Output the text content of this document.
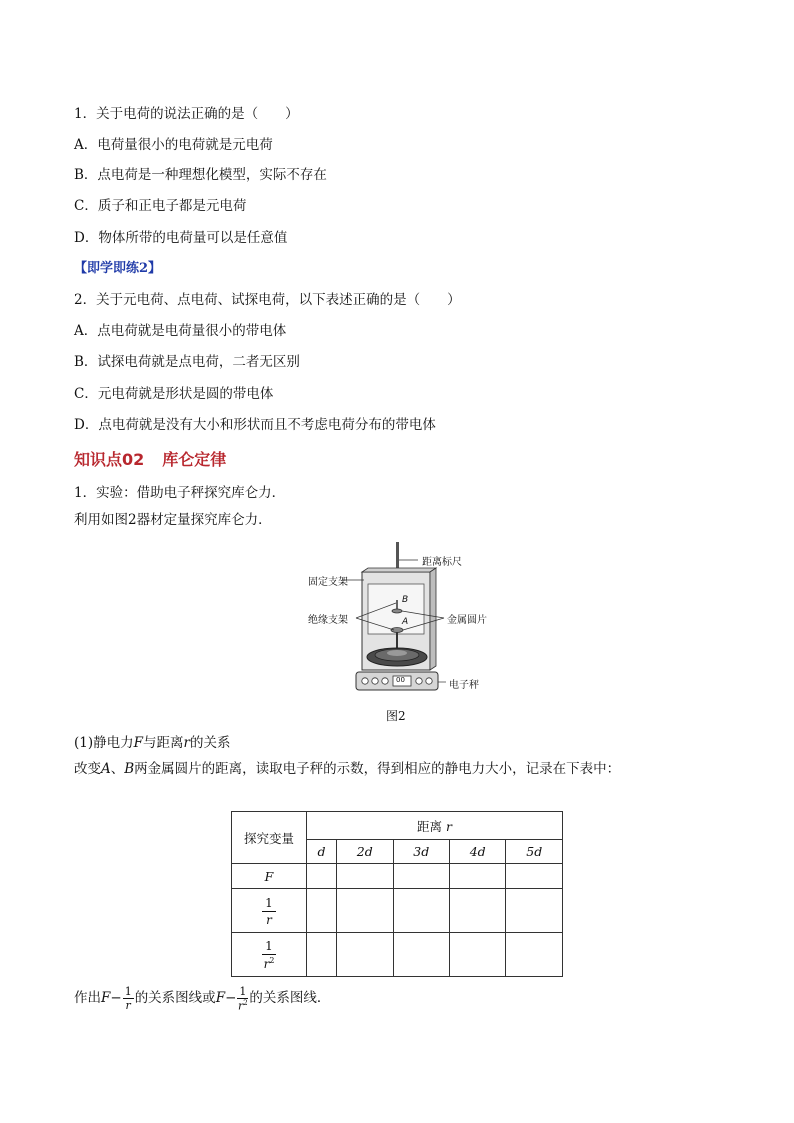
1．关于电荷的说法正确的是（　　）
A．电荷量很小的电荷就是元电荷
B．点电荷是一种理想化模型，实际不存在
C．质子和正电子都是元电荷
D．物体所带的电荷量可以是任意值
【即学即练2】
2．关于元电荷、点电荷、试探电荷，以下表述正确的是（　　）
A．点电荷就是电荷量很小的带电体
B．试探电荷就是点电荷，二者无区别
C．元电荷就是形状是圆的带电体
D．点电荷就是没有大小和形状而且不考虑电荷分布的带电体
知识点02 库仑定律
1．实验：借助电子秤探究库仑力．
利用如图2器材定量探究库仑力．
距离标尺
固定支架
绝缘支架	金属圆片
电子秤
B
A
00
图2
(1)静电力F与距离r的关系
改变A、B两金属圆片的距离，读取电子秤的示数，得到相应的静电力大小，记录在下表中：
探究变量	距离 r				
	d	2d	3d	4d	5d
F					

$\frac{1}{r}$

$\frac{1}{r^2}$

作出$F- \frac{1}{r}$ 的关系图线或$F- \frac{1}{r^2}$ 的关系图线．
